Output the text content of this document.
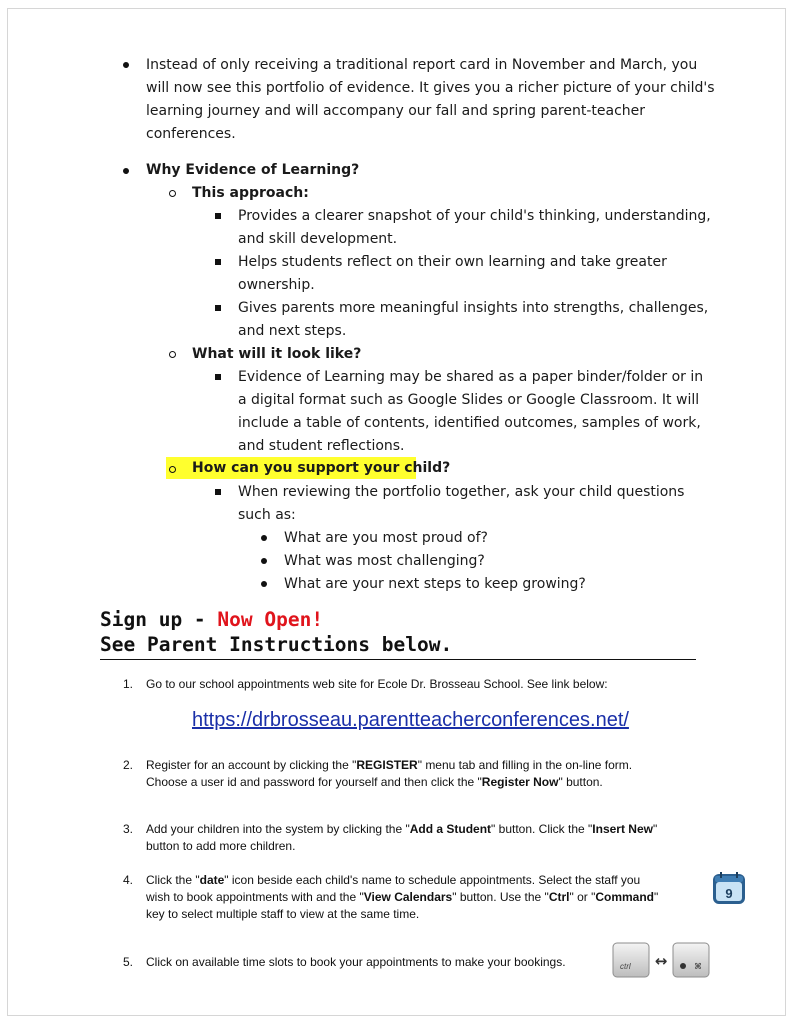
Instead of only receiving a traditional report card in November and March, you
will now see this portfolio of evidence. It gives you a richer picture of your child's
learning journey and will accompany our fall and spring parent-teacher
conferences.
Why Evidence of Learning?
This approach:
Provides a clearer snapshot of your child's thinking, understanding,
and skill development.
Helps students reflect on their own learning and take greater
ownership.
Gives parents more meaningful insights into strengths, challenges,
and next steps.
What will it look like?
Evidence of Learning may be shared as a paper binder/folder or in
a digital format such as Google Slides or Google Classroom. It will
include a table of contents, identified outcomes, samples of work,
and student reflections.
How can you support your child?
When reviewing the portfolio together, ask your child questions
such as:
What are you most proud of?
What was most challenging?
What are your next steps to keep growing?
Sign up - Now Open!
See Parent Instructions below.
1. Go to our school appointments web site for Ecole Dr. Brosseau School. See link below:
https://drbrosseau.parentteacherconferences.net/
2. Register for an account by clicking the "REGISTER" menu tab and filling in the on-line form.
Choose a user id and password for yourself and then click the "Register Now" button.
3. Add your children into the system by clicking the "Add a Student" button. Click the "Insert New"
button to add more children.
4. Click the "date" icon beside each child's name to schedule appointments. Select the staff you
wish to book appointments with and the "View Calendars" button. Use the "Ctrl" or "Command"
key to select multiple staff to view at the same time.
9
5. Click on available time slots to book your appointments to make your bookings.	ctrl ↔	⌘
